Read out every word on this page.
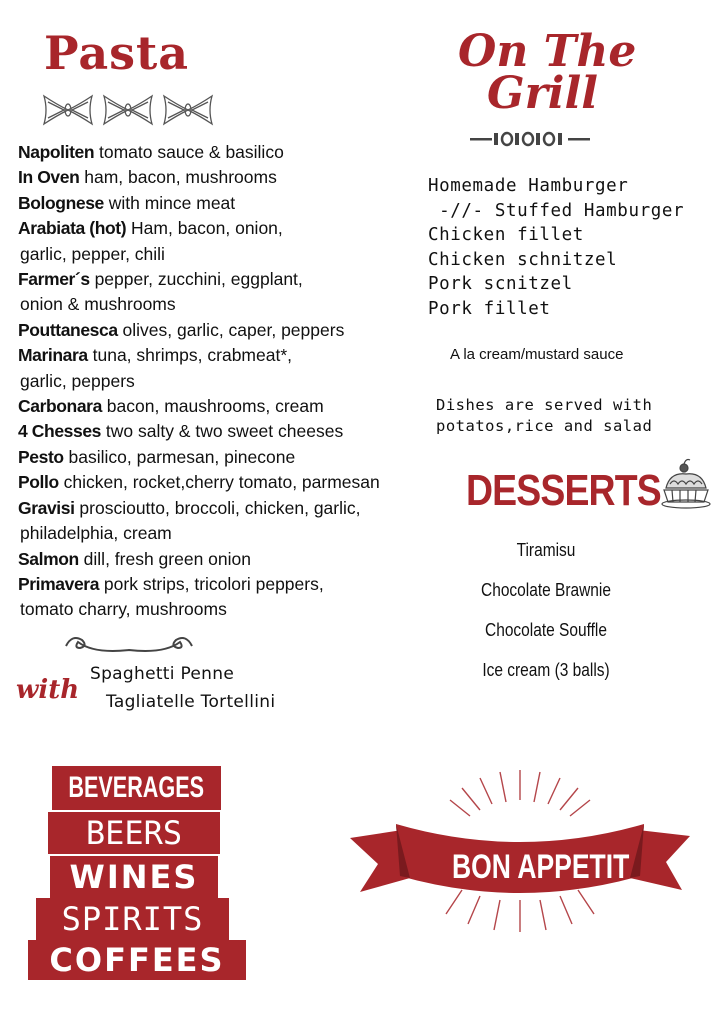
Pasta
Napoliten tomato sauce & basilico
In Oven ham, bacon, mushrooms
Bolognese with mince meat
Arabiata (hot) Ham, bacon, onion,
garlic, pepper, chili
Farmer´s pepper, zucchini, eggplant,
onion & mushrooms
Pouttanesca olives, garlic, caper, peppers
Marinara tuna, shrimps, crabmeat*,
garlic, peppers
Carbonara bacon, maushrooms, cream
4 Chesses two salty & two sweet cheeses
Pesto basilico, parmesan, pinecone
Pollo chicken, rocket,cherry tomato, parmesan
Gravisi proscioutto, broccoli, chicken, garlic,
philadelphia, cream
Salmon dill, fresh green onion
Primavera pork strips, tricolori peppers,
tomato charry, mushrooms
with
Spaghetti Penne
Tagliatelle Tortellini
On The
Grill
Homemade Hamburger
-//- Stuffed Hamburger
Chicken fillet
Chicken schnitzel
Pork scnitzel
Pork fillet
A la cream/mustard sauce
Dishes are served with
potatos,rice and salad
DESSERTS
Tiramisu
Chocolate Brawnie
Chocolate Souffle
Ice cream (3 balls)
BEVERAGES
BEERS
WINES
SPIRITS
COFFEES
BON APPETIT
